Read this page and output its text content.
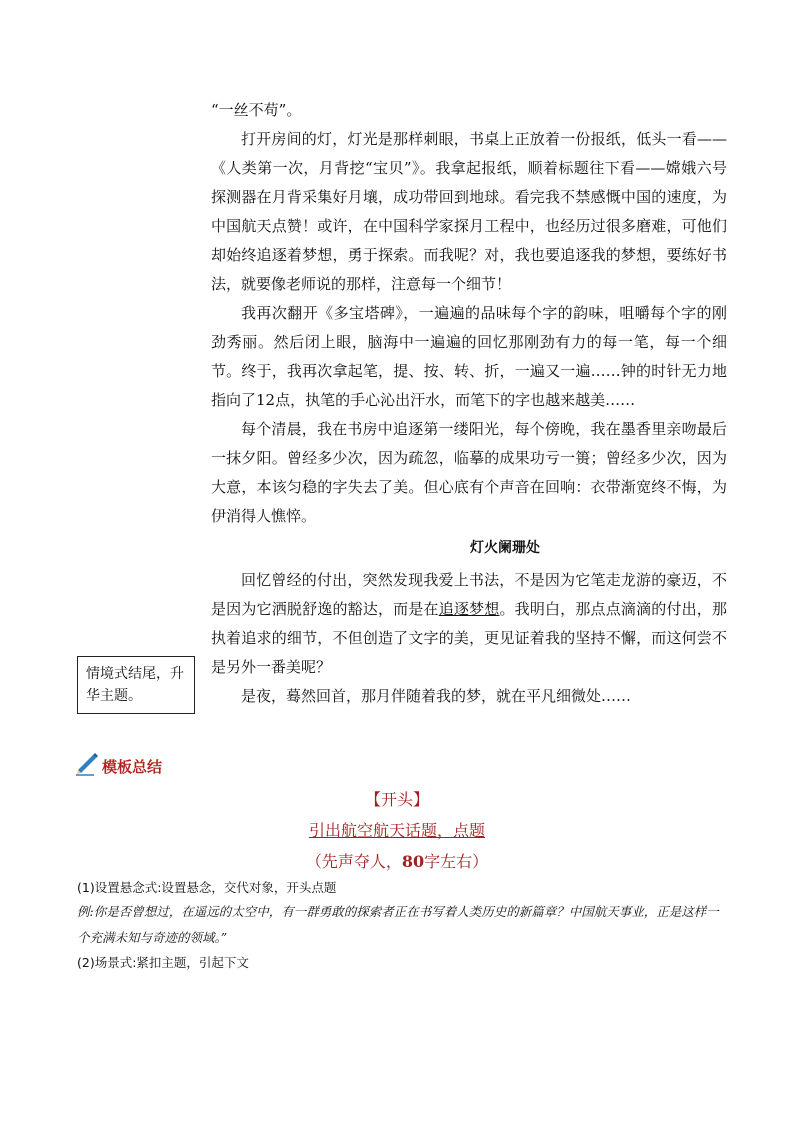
“一丝不苟”。

打开房间的灯，灯光是那样刺眼，书桌上正放着一份报纸，低头一看——《人类第一次，月背挖“宝贝”》。我拿起报纸，顺着标题往下看——嫦娥六号探测器在月背采集好月壤，成功带回到地球。看完我不禁感慨中国的速度，为中国航天点赞！或许，在中国科学家探月工程中，也经历过很多磨难，可他们却始终追逐着梦想，勇于探索。而我呢？对，我也要追逐我的梦想，要练好书法，就要像老师说的那样，注意每一个细节！

我再次翻开《多宝塔碑》，一遍遍的品味每个字的韵味，咀嚼每个字的刚劲秀丽。然后闭上眼，脑海中一遍遍的回忆那刚劲有力的每一笔，每一个细节。终于，我再次拿起笔，提、按、转、折，一遍又一遍……钟的时针无力地指向了12点，执笔的手心沁出汗水，而笔下的字也越来越美……

每个清晨，我在书房中追逐第一缕阳光，每个傍晚，我在墨香里亲吻最后一抹夕阳。曾经多少次，因为疏忽，临摹的成果功亏一篑；曾经多少次，因为大意，本该匀稳的字失去了美。但心底有个声音在回响：衣带渐宽终不悔，为伊消得人憔悴。

灯火阑珊处

回忆曾经的付出，突然发现我爱上书法，不是因为它笔走龙游的豪迈，不是因为它洒脱舒逸的豁达，而是在追逐梦想。我明白，那点点滴滴的付出，那执着追求的细节，不但创造了文字的美，更见证着我的坚持不懈，而这何尝不是另外一番美呢？

是夜，蓦然回首，那月伴随着我的梦，就在平凡细微处……

情境式结尾，升华主题。
模板总结
【开头】
引出航空航天话题，点题
（先声夺人，80字左右）
(1)设置悬念式:设置悬念，交代对象，开头点题
例:你是否曾想过，在遥远的太空中，有一群勇敢的探索者正在书写着人类历史的新篇章？中国航天事业，正是这样一个充满未知与奇迹的领域。”
(2)场景式:紧扣主题，引起下文
